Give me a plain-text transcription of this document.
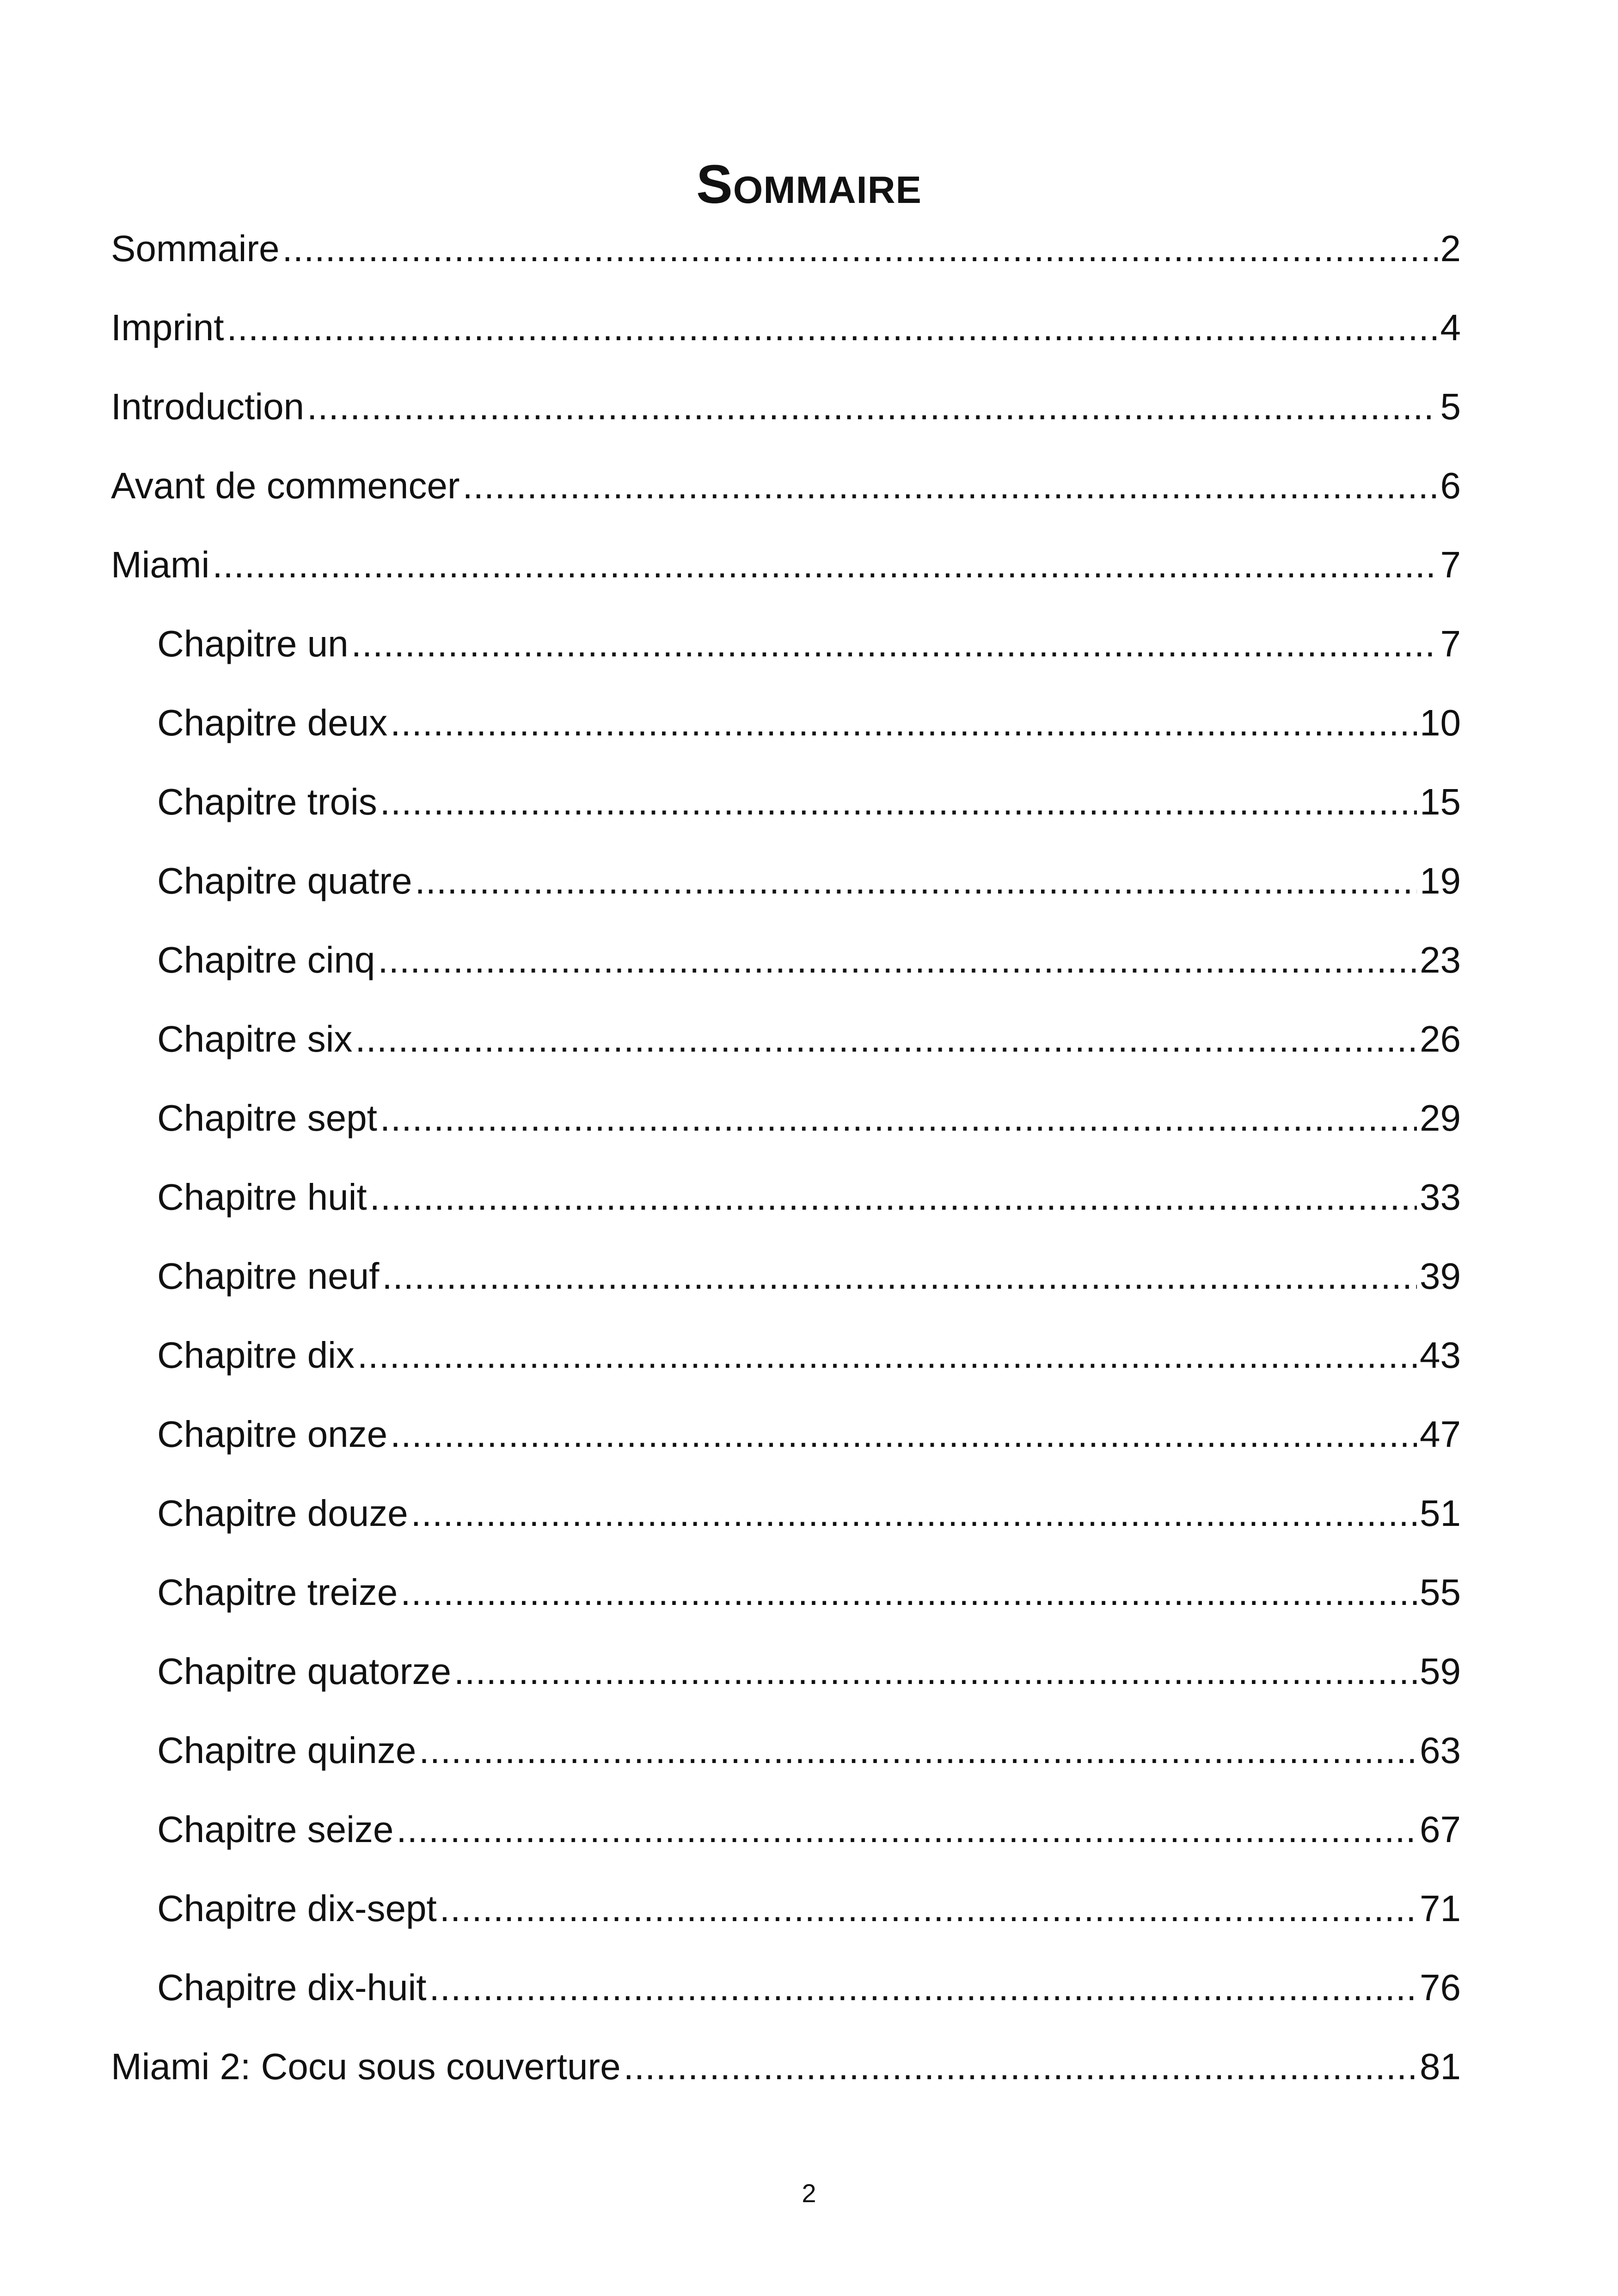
Sommaire
Sommaire .....	2
Imprint .....	4
Introduction .....	5
Avant de commencer .....	6
Miami .....	7
Chapitre un .....	7
Chapitre deux .....	10
Chapitre trois .....	15
Chapitre quatre .....	19
Chapitre cinq .....	23
Chapitre six .....	26
Chapitre sept .....	29
Chapitre huit .....	33
Chapitre neuf .....	39
Chapitre dix .....	43
Chapitre onze .....	47
Chapitre douze .....	51
Chapitre treize .....	55
Chapitre quatorze .....	59
Chapitre quinze .....	63
Chapitre seize .....	67
Chapitre dix-sept .....	71
Chapitre dix-huit .....	76
Miami 2: Cocu sous couverture .....	81
2
